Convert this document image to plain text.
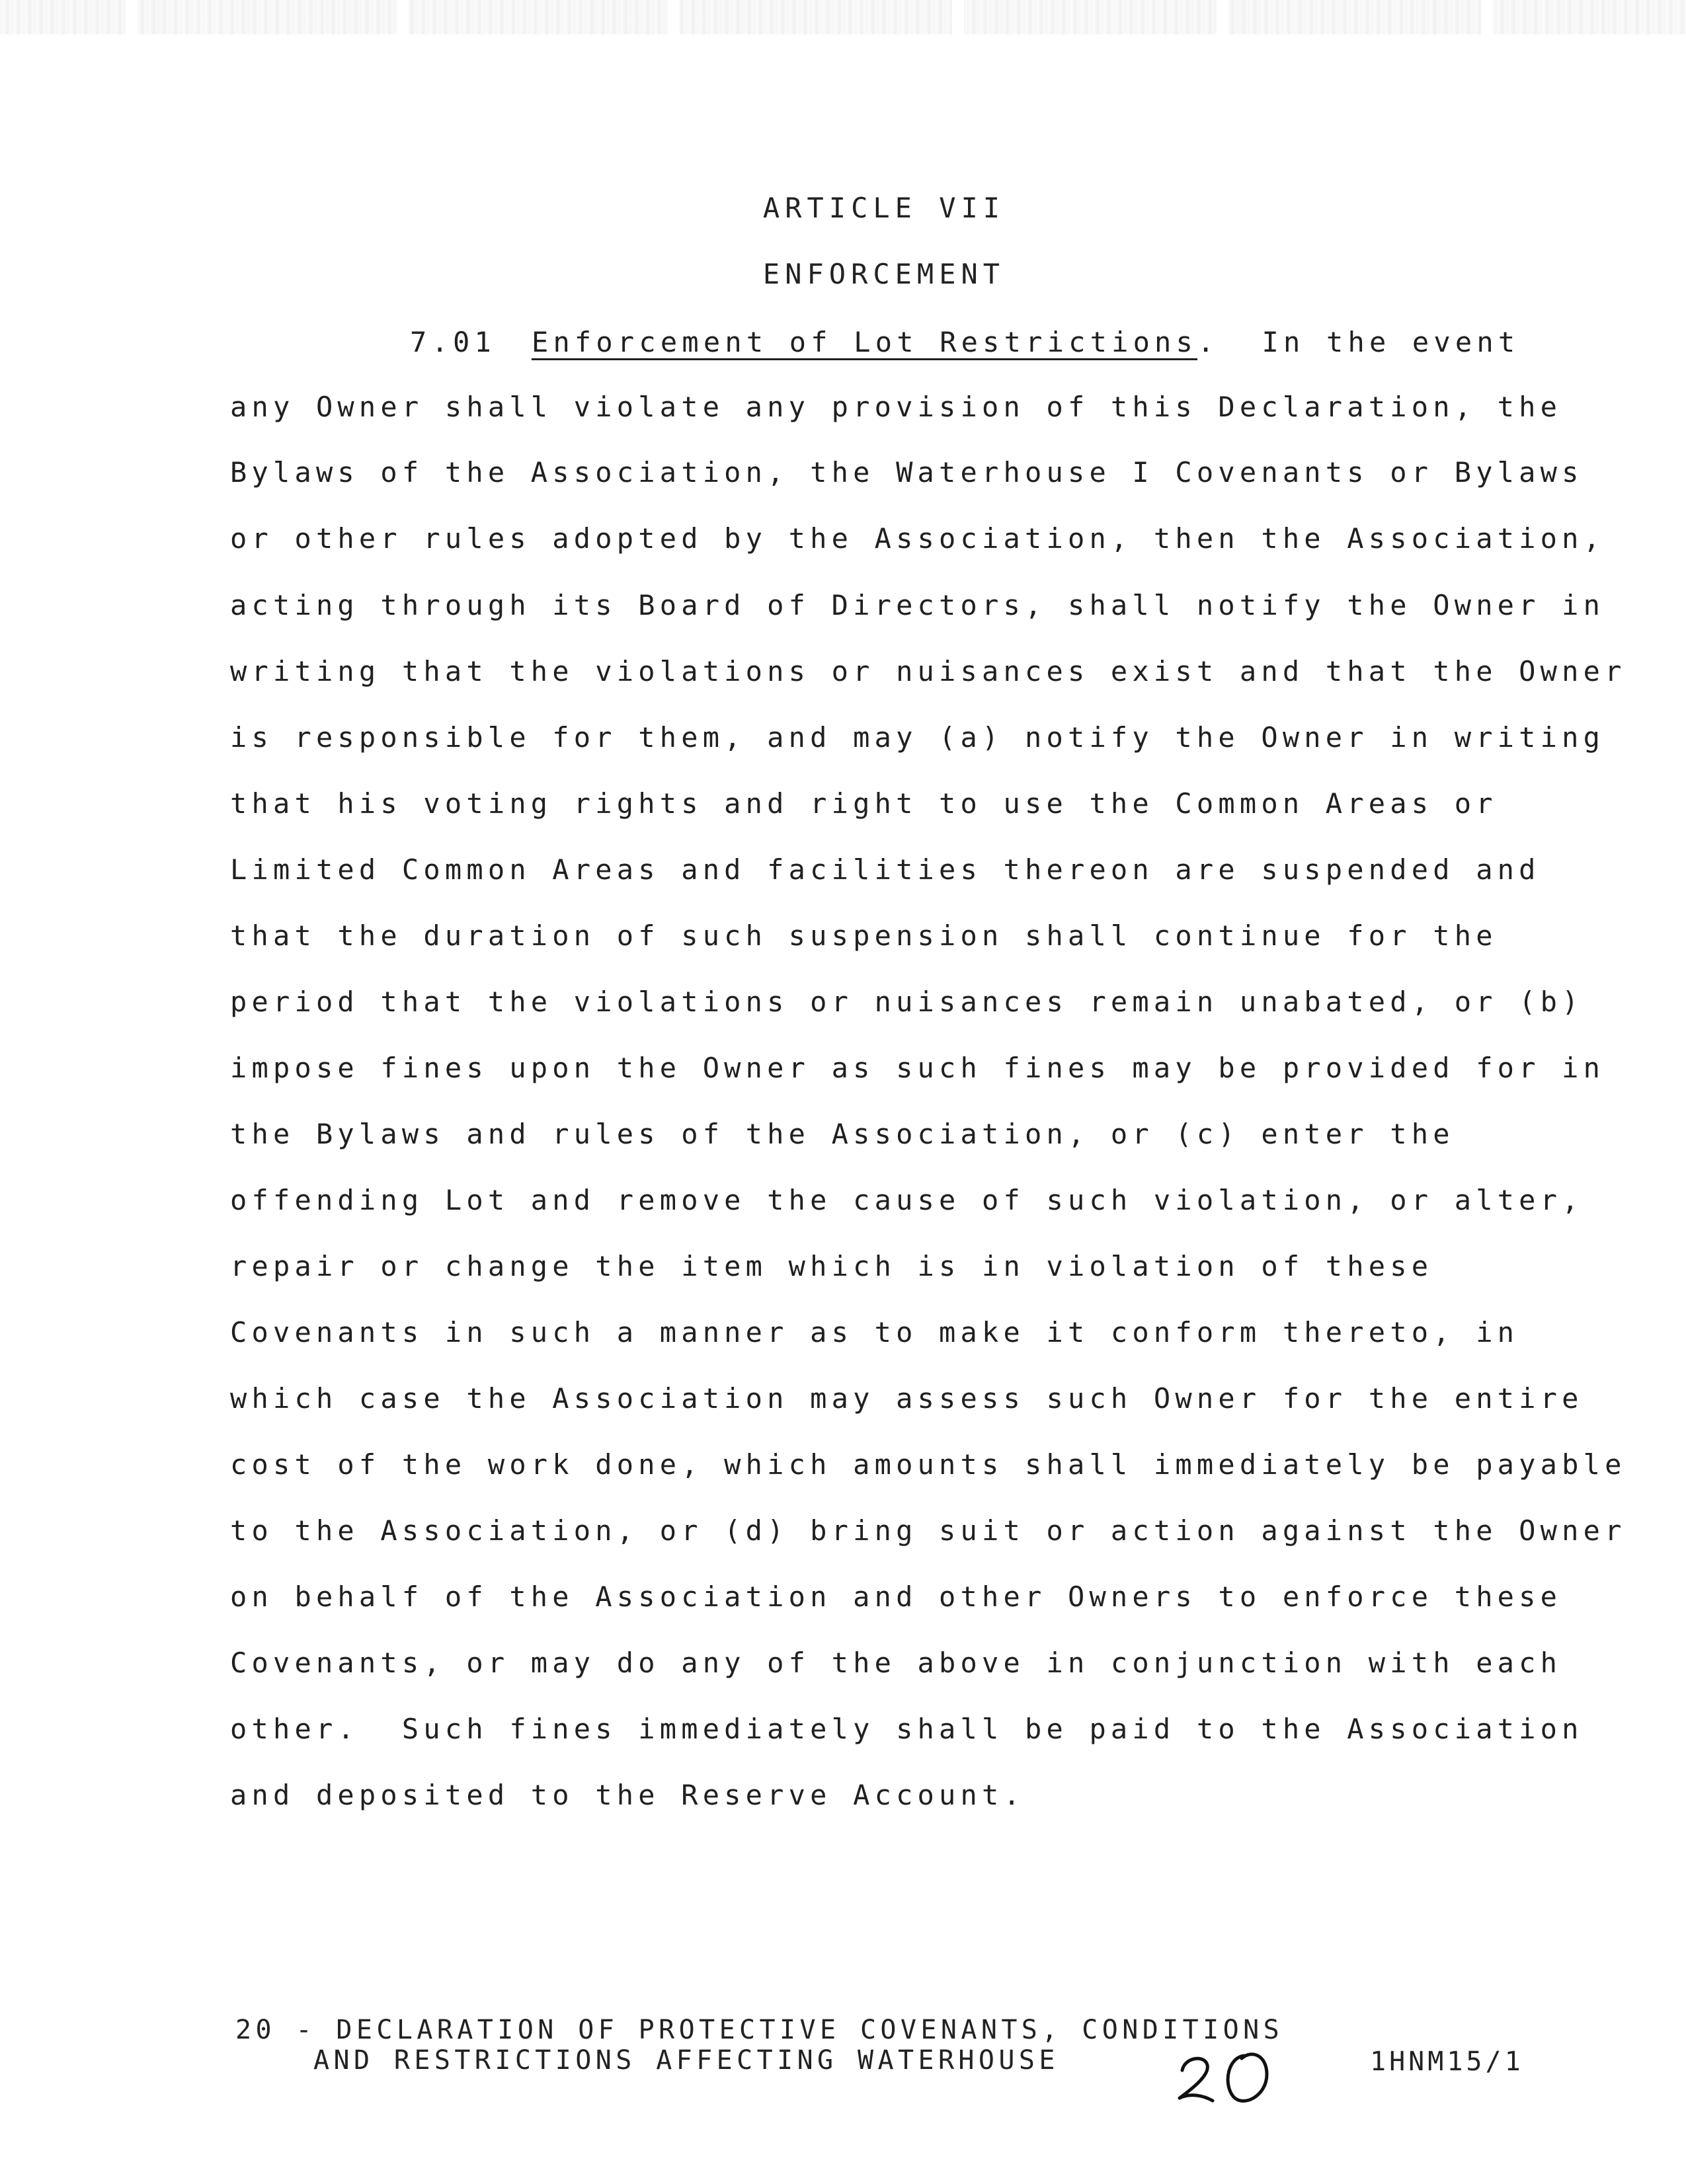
ARTICLE VII
ENFORCEMENT
7.01 Enforcement of Lot Restrictions. In the event
any Owner shall violate any provision of this Declaration, the
Bylaws of the Association, the Waterhouse I Covenants or Bylaws
or other rules adopted by the Association, then the Association,
acting through its Board of Directors, shall notify the Owner in
writing that the violations or nuisances exist and that the Owner
is responsible for them, and may (a) notify the Owner in writing
that his voting rights and right to use the Common Areas or
Limited Common Areas and facilities thereon are suspended and
that the duration of such suspension shall continue for the
period that the violations or nuisances remain unabated, or (b)
impose fines upon the Owner as such fines may be provided for in
the Bylaws and rules of the Association, or (c) enter the
offending Lot and remove the cause of such violation, or alter,
repair or change the item which is in violation of these
Covenants in such a manner as to make it conform thereto, in
which case the Association may assess such Owner for the entire
cost of the work done, which amounts shall immediately be payable
to the Association, or (d) bring suit or action against the Owner
on behalf of the Association and other Owners to enforce these
Covenants, or may do any of the above in conjunction with each
other.  Such fines immediately shall be paid to the Association
and deposited to the Reserve Account.
20 - DECLARATION OF PROTECTIVE COVENANTS, CONDITIONS
AND RESTRICTIONS AFFECTING WATERHOUSE	1HNM15/1
